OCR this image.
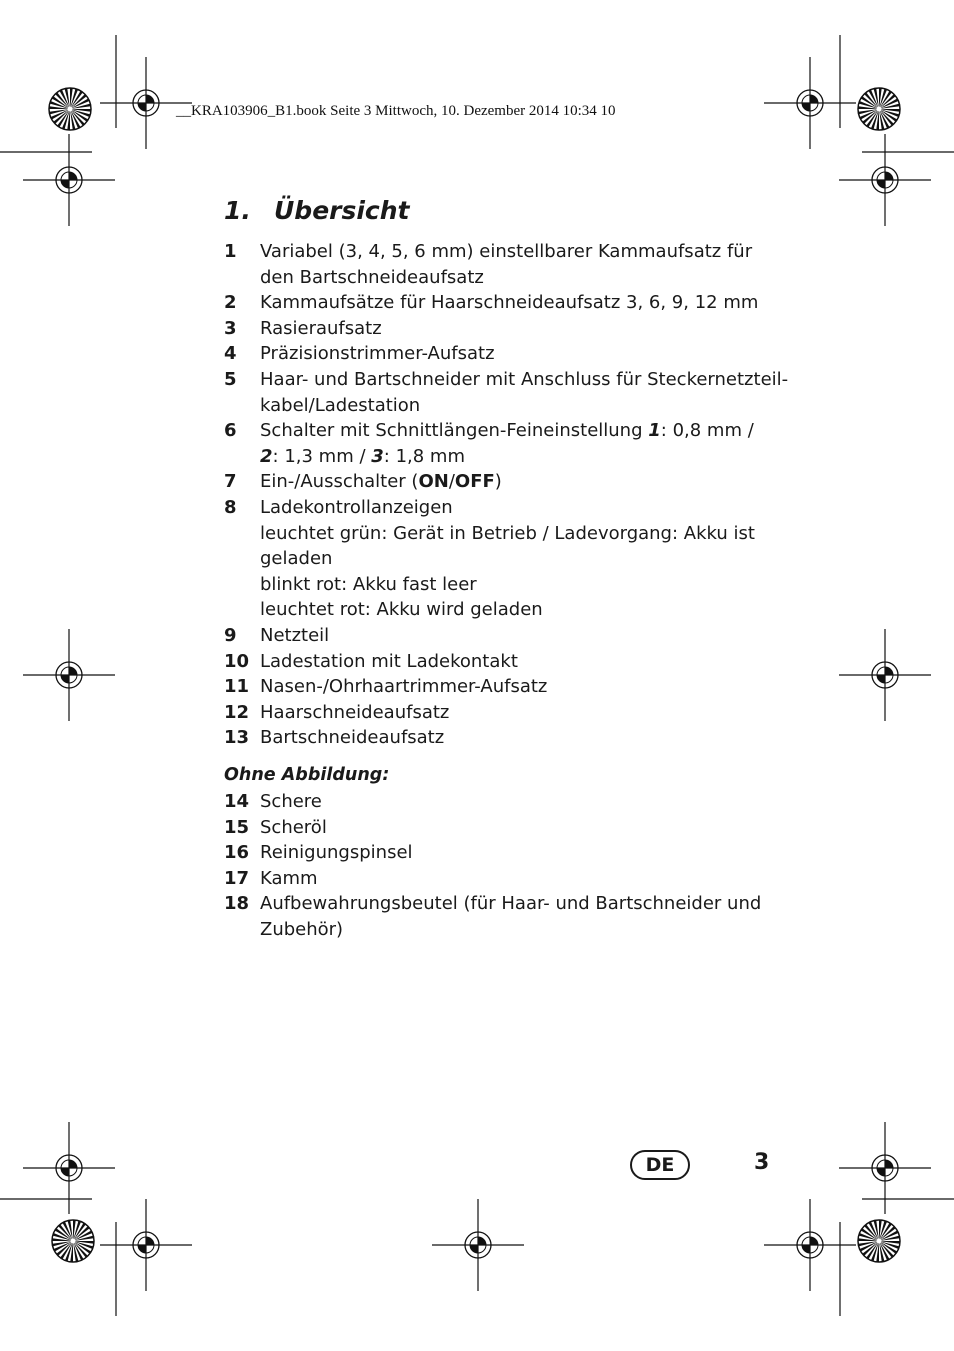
__KRA103906_B1.book Seite 3 Mittwoch, 10. Dezember 2014 10:34 10
1. Übersicht
1	Variabel (3, 4, 5, 6 mm) einstellbarer Kammaufsatz für
den Bartschneideaufsatz
2	Kammaufsätze für Haarschneideaufsatz 3, 6, 9, 12 mm
3	Rasieraufsatz
4	Präzisionstrimmer-Aufsatz
5	Haar- und Bartschneider mit Anschluss für Steckernetzteil-
kabel/Ladestation
6	Schalter mit Schnittlängen-Feineinstellung 1: 0,8 mm /
2: 1,3 mm / 3: 1,8 mm
7	Ein-/Ausschalter (ON/OFF)
8	Ladekontrollanzeigen
leuchtet grün: Gerät in Betrieb / Ladevorgang: Akku ist
geladen
blinkt rot: Akku fast leer
leuchtet rot: Akku wird geladen
9	Netzteil
10 Ladestation mit Ladekontakt
11 Nasen-/Ohrhaartrimmer-Aufsatz
12 Haarschneideaufsatz
13 Bartschneideaufsatz
Ohne Abbildung:
14 Schere
15 Scheröl
16 Reinigungspinsel
17 Kamm
18 Aufbewahrungsbeutel (für Haar- und Bartschneider und
Zubehör)
DE	3
